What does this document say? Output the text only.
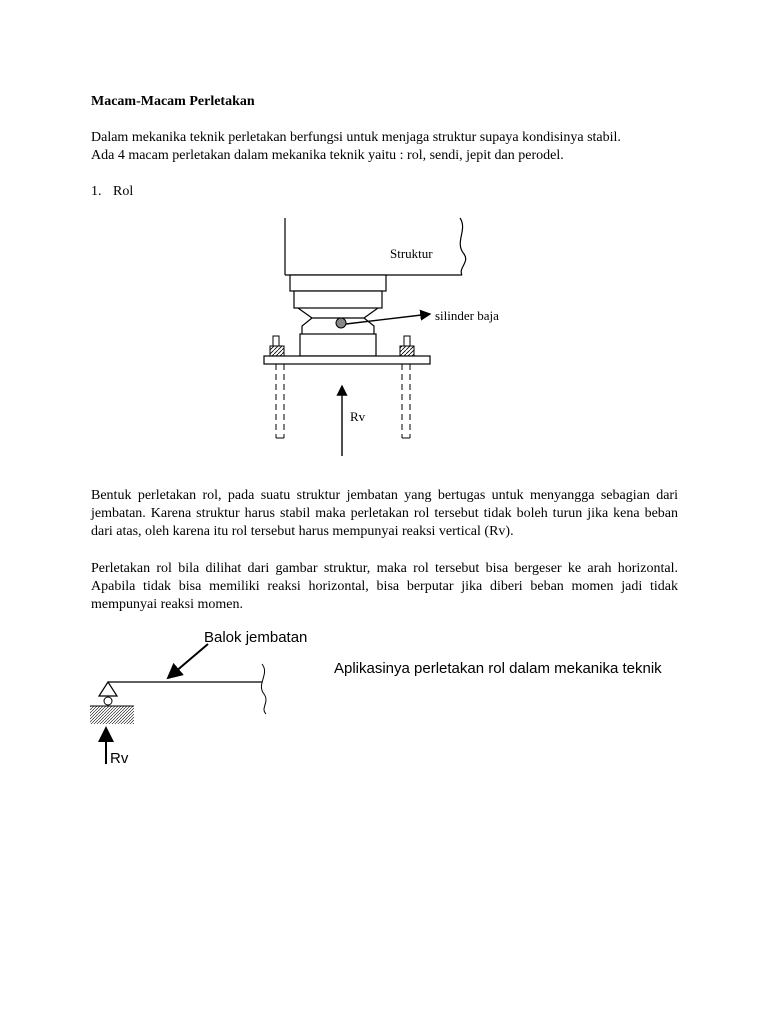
Macam-Macam Perletakan
Dalam mekanika teknik perletakan berfungsi untuk menjaga struktur supaya kondisinya stabil.
Ada 4 macam perletakan dalam mekanika teknik yaitu : rol, sendi, jepit dan perodel.
1. Rol
Struktur
silinder baja
Rv
Bentuk perletakan rol, pada suatu struktur jembatan yang bertugas untuk menyangga sebagian dari jembatan. Karena struktur harus stabil maka perletakan rol tersebut tidak boleh turun jika kena beban dari atas, oleh karena itu rol tersebut harus mempunyai reaksi vertical (Rv).
Perletakan rol bila dilihat dari gambar struktur, maka rol tersebut bisa bergeser ke arah horizontal. Apabila tidak bisa memiliki reaksi horizontal, bisa berputar jika diberi beban momen jadi tidak mempunyai reaksi momen.
Balok jembatan
Rv
Aplikasinya perletakan rol dalam mekanika teknik
